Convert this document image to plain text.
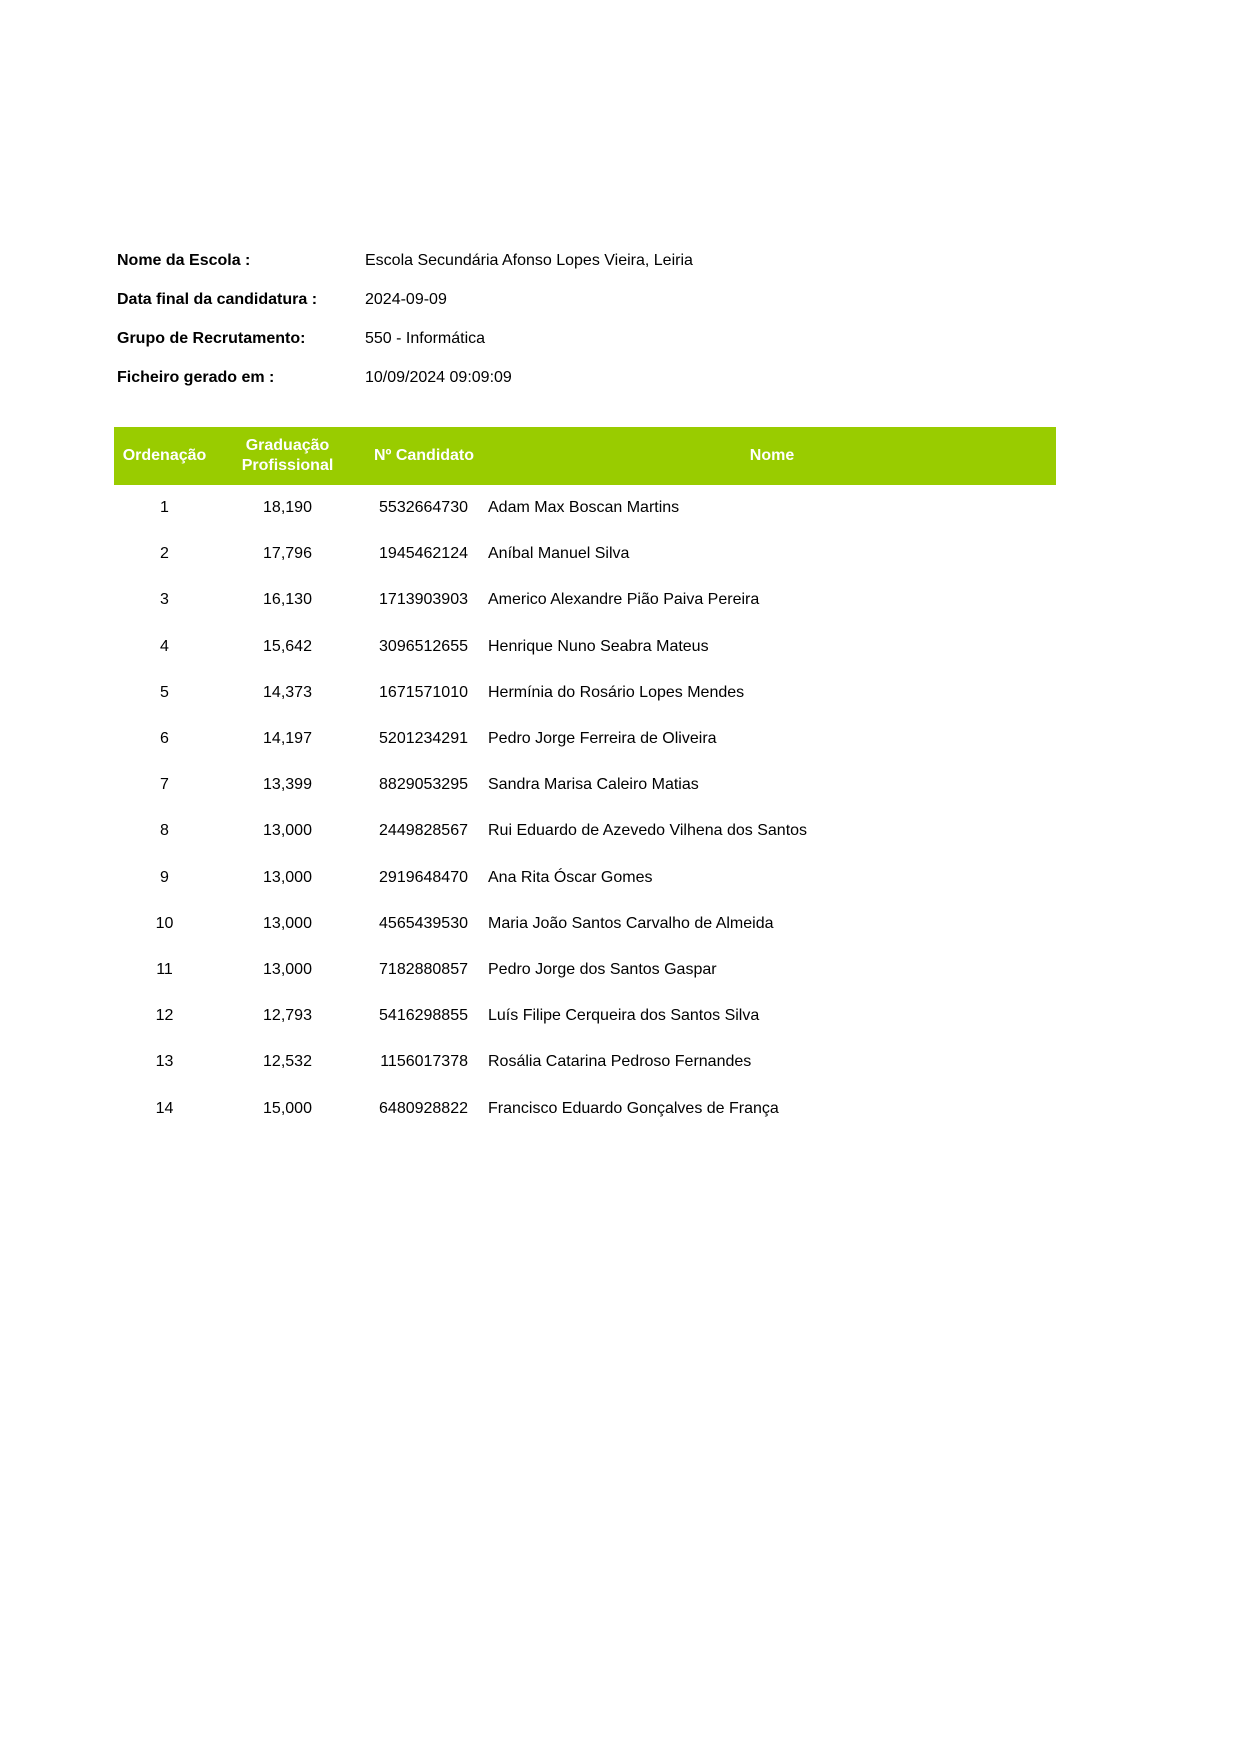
Nome da Escola :	Escola Secundária Afonso Lopes Vieira, Leiria
Data final da candidatura :	2024-09-09
Grupo de Recrutamento:	550 - Informática
Ficheiro gerado em :	10/09/2024 09:09:09
Ordenação	Graduação Profissional	Nº Candidato	Nome
1	18,190	5532664730	Adam Max Boscan Martins
2	17,796	1945462124	Aníbal Manuel Silva
3	16,130	1713903903	Americo Alexandre Pião Paiva Pereira
4	15,642	3096512655	Henrique Nuno Seabra Mateus
5	14,373	1671571010	Hermínia do Rosário Lopes Mendes
6	14,197	5201234291	Pedro Jorge Ferreira de Oliveira
7	13,399	8829053295	Sandra Marisa Caleiro Matias
8	13,000	2449828567	Rui Eduardo de Azevedo Vilhena dos Santos
9	13,000	2919648470	Ana Rita Óscar Gomes
10	13,000	4565439530	Maria João Santos Carvalho de Almeida
11	13,000	7182880857	Pedro Jorge dos Santos Gaspar
12	12,793	5416298855	Luís Filipe Cerqueira dos Santos Silva
13	12,532	1156017378	Rosália Catarina Pedroso Fernandes
14	15,000	6480928822	Francisco Eduardo Gonçalves de França
